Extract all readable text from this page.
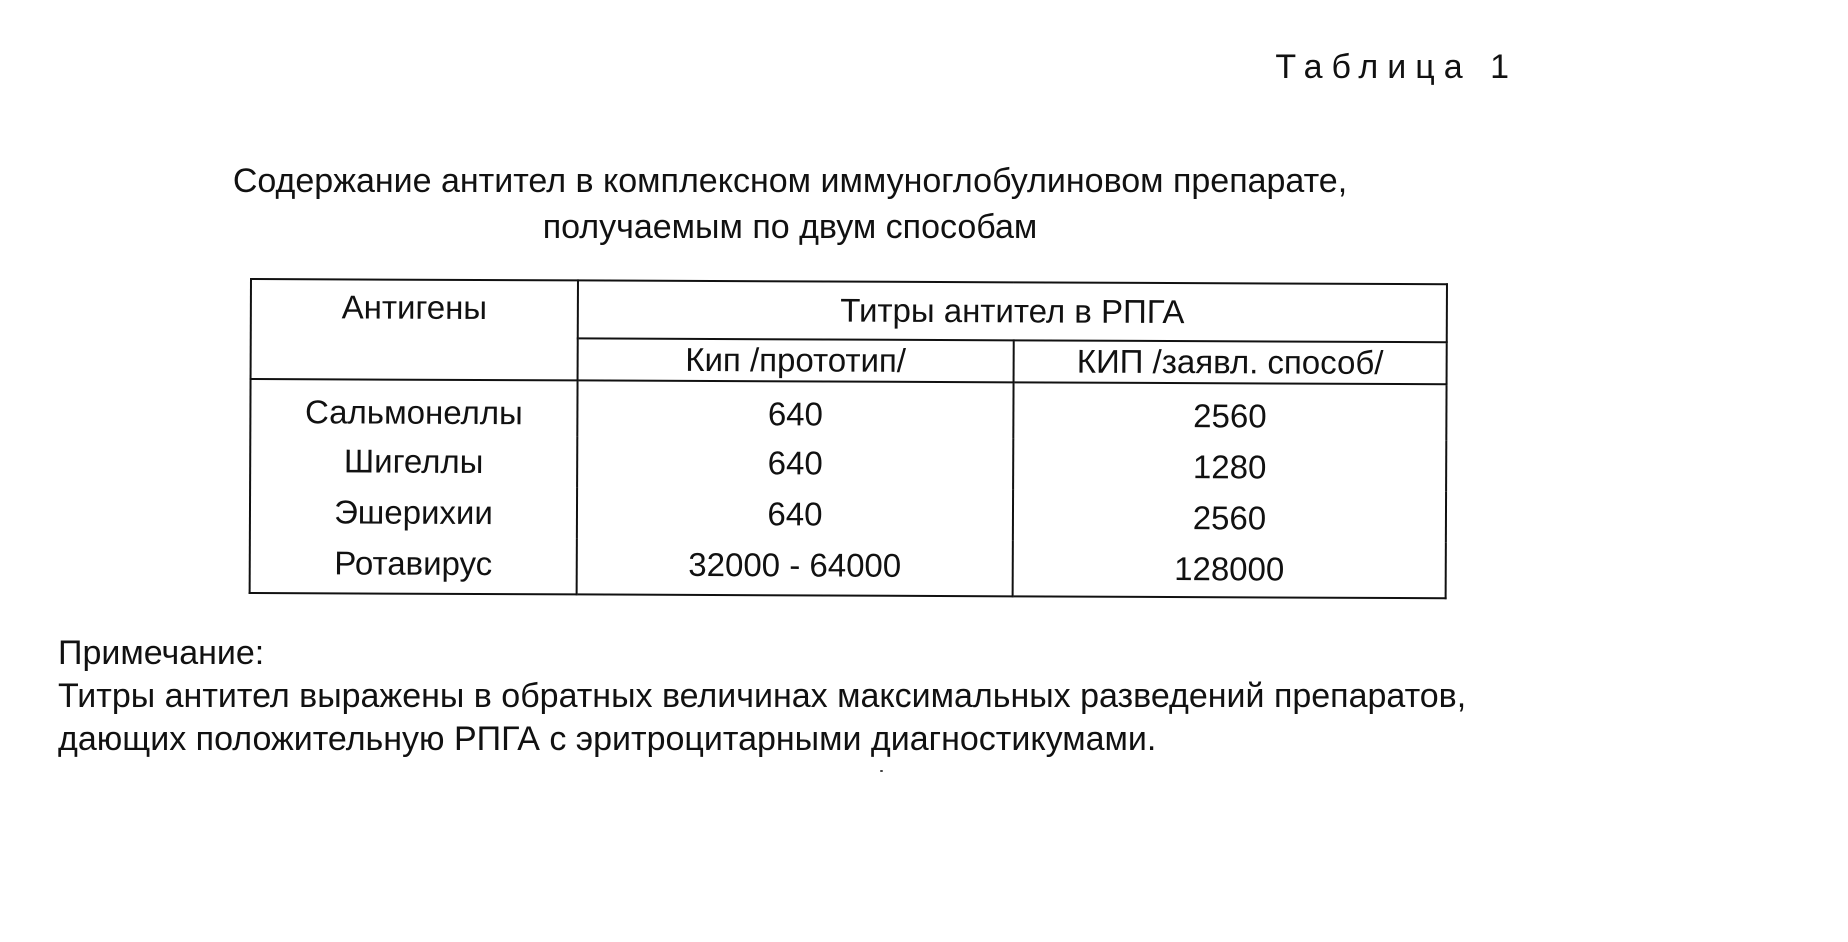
Таблица 1
Содержание антител в комплексном иммуноглобулиновом препарате,
получаемым по двум способам
Антигены	Титры антител в РПГА	
	Кип /прототип/	КИП /заявл. способ/
Сальмонеллы	640	2560
Шигеллы	640	1280
Эшерихии	640	2560
Ротавирус	32000 - 64000	128000
Примечание:
Титры антител выражены в обратных величинах максимальных разведений препаратов,
дающих положительную РПГА с эритроцитарными диагностикумами.
